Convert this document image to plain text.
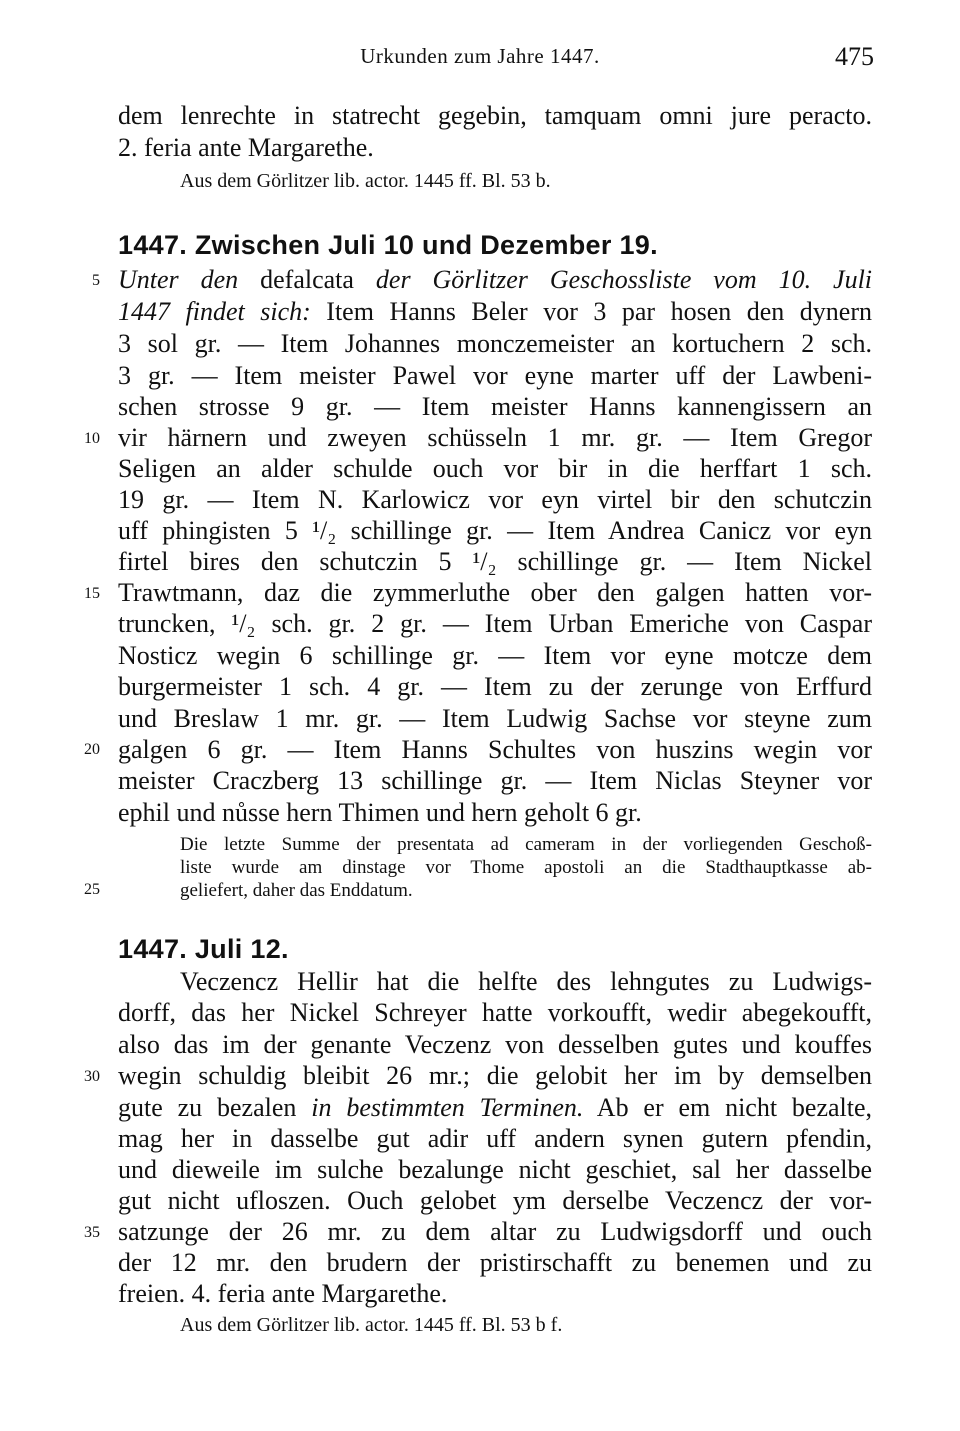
Urkunden zum Jahre 1447.	475
dem lenrechte in statrecht gegebin, tamquam omni jure peracto.
2. feria ante Margarethe.
Aus dem Görlitzer lib. actor. 1445 ff. Bl. 53 b.
1447. Zwischen Juli 10 und Dezember 19.
Unter den defalcata der Görlitzer Geschossliste vom 10. Juli
1447 findet sich: Item Hanns Beler vor 3 par hosen den dynern
3 sol gr. — Item Johannes monczemeister an kortuchern 2 sch.
3 gr. — Item meister Pawel vor eyne marter uff der Lawbeni-
schen strosse 9 gr. — Item meister Hanns kannengissern an
vir härnern und zweyen schüsseln 1 mr. gr. — Item Gregor
Seligen an alder schulde ouch vor bir in die herffart 1 sch.
19 gr. — Item N. Karlowicz vor eyn virtel bir den schutczin
uff phingisten 5 ¹/₂ schillinge gr. — Item Andrea Canicz vor eyn
firtel bires den schutczin 5 ¹/₂ schillinge gr. — Item Nickel
Trawtmann, daz die zymmerluthe ober den galgen hatten vor-
truncken, ¹/₂ sch. gr. 2 gr. — Item Urban Emeriche von Caspar
Nosticz wegin 6 schillinge gr. — Item vor eyne motcze dem
burgermeister 1 sch. 4 gr. — Item zu der zerunge von Erffurd
und Breslaw 1 mr. gr. — Item Ludwig Sachse vor steyne zum
galgen 6 gr. — Item Hanns Schultes von huszins wegin vor
meister Craczberg 13 schillinge gr. — Item Niclas Steyner vor
ephil und nůsse hern Thimen und hern geholt 6 gr.
Die letzte Summe der presentata ad cameram in der vorliegenden Geschoß-
liste wurde am dinstage vor Thome apostoli an die Stadthauptkasse ab-
geliefert, daher das Enddatum.
1447. Juli 12.
Veczencz Hellir hat die helfte des lehngutes zu Ludwigs-
dorff, das her Nickel Schreyer hatte vorkoufft, wedir abegekoufft,
also das im der genante Veczenz von desselben gutes und kouffes
wegin schuldig bleibit 26 mr.; die gelobit her im by demselben
gute zu bezalen in bestimmten Terminen. Ab er em nicht bezalte,
mag her in dasselbe gut adir uff andern synen gutern pfendin,
und dieweile im sulche bezalunge nicht geschiet, sal her dasselbe
gut nicht ufloszen. Ouch gelobet ym derselbe Veczencz der vor-
satzunge der 26 mr. zu dem altar zu Ludwigsdorff und ouch
der 12 mr. den brudern der pristirschafft zu benemen und zu
freien. 4. feria ante Margarethe.
Aus dem Görlitzer lib. actor. 1445 ff. Bl. 53 b f.
5
10
15
20
25
30
35
